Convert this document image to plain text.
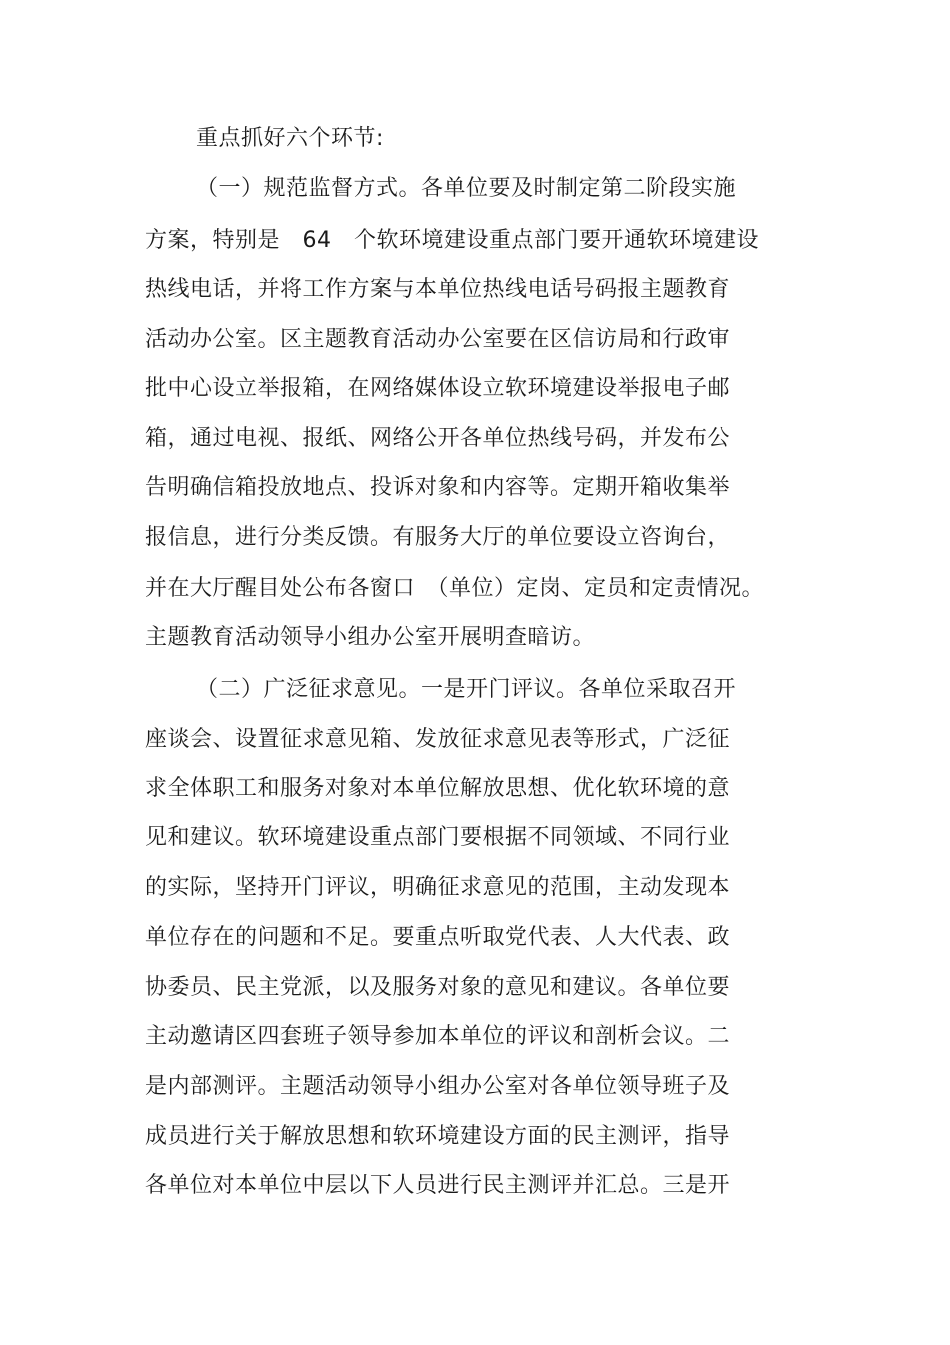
重点抓好六个环节:
（一）规范监督方式。各单位要及时制定第二阶段实施
方案，特别是　64　个软环境建设重点部门要开通软环境建设
热线电话，并将工作方案与本单位热线电话号码报主题教育
活动办公室。区主题教育活动办公室要在区信访局和行政审
批中心设立举报箱，在网络媒体设立软环境建设举报电子邮
箱，通过电视、报纸、网络公开各单位热线号码，并发布公
告明确信箱投放地点、投诉对象和内容等。定期开箱收集举
报信息，进行分类反馈。有服务大厅的单位要设立咨询台，
并在大厅醒目处公布各窗口　（单位）定岗、定员和定责情况。
主题教育活动领导小组办公室开展明查暗访。
（二）广泛征求意见。一是开门评议。各单位采取召开
座谈会、设置征求意见箱、发放征求意见表等形式，广泛征
求全体职工和服务对象对本单位解放思想、优化软环境的意
见和建议。软环境建设重点部门要根据不同领域、不同行业
的实际，坚持开门评议，明确征求意见的范围，主动发现本
单位存在的问题和不足。要重点听取党代表、人大代表、政
协委员、民主党派，以及服务对象的意见和建议。各单位要
主动邀请区四套班子领导参加本单位的评议和剖析会议。二
是内部测评。主题活动领导小组办公室对各单位领导班子及
成员进行关于解放思想和软环境建设方面的民主测评，指导
各单位对本单位中层以下人员进行民主测评并汇总。三是开
